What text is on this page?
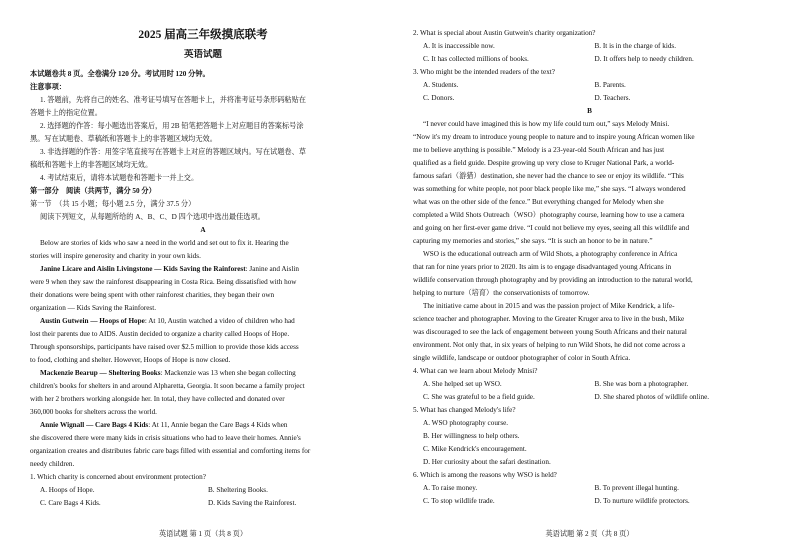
2025 届高三年级摸底联考
英语试题
本试题卷共 8 页。全卷满分 120 分。考试用时 120 分钟。
注意事项：
1. 答题前，先将自己的姓名、准考证号填写在答题卡上，并将准考证号条形码粘贴在
答题卡上的指定位置。
2. 选择题的作答：每小题选出答案后，用 2B 铅笔把答题卡上对应题目的答案标号涂
黑。写在试题卷、草稿纸和答题卡上的非答题区域均无效。
3. 非选择题的作答：用签字笔直接写在答题卡上对应的答题区域内。写在试题卷、草
稿纸和答题卡上的非答题区域均无效。
4. 考试结束后，请将本试题卷和答题卡一并上交。
第一部分　阅读（共两节，满分 50 分）
第一节　（共 15 小题；每小题 2.5 分，满分 37.5 分）
阅读下列短文，从每题所给的 A、B、C、D 四个选项中选出最佳选项。
A
Below are stories of kids who saw a need in the world and set out to fix it. Hearing the
stories will inspire generosity and charity in your own kids.
Janine Licare and Aislin Livingstone — Kids Saving the Rainforest: Janine and Aislin
were 9 when they saw the rainforest disappearing in Costa Rica. Being dissatisfied with how
their donations were being spent with other rainforest charities, they began their own
organization — Kids Saving the Rainforest.
Austin Gutwein — Hoops of Hope: At 10, Austin watched a video of children who had
lost their parents due to AIDS. Austin decided to organize a charity called Hoops of Hope.
Through sponsorships, participants have raised over $2.5 million to provide those kids access
to food, clothing and shelter. However, Hoops of Hope is now closed.
Mackenzie Bearup — Sheltering Books: Mackenzie was 13 when she began collecting
children's books for shelters in and around Alpharetta, Georgia. It soon became a family project
with her 2 brothers working alongside her. In total, they have collected and donated over
360,000 books for shelters across the world.
Annie Wignall — Care Bags 4 Kids: At 11, Annie began the Care Bags 4 Kids when
she discovered there were many kids in crisis situations who had to leave their homes. Annie's
organization creates and distributes fabric care bags filled with essential and comforting items for
needy children.
1. Which charity is concerned about environment protection?
A. Hoops of Hope.	B. Sheltering Books.
C. Care Bags 4 Kids.	D. Kids Saving the Rainforest.
英语试题 第 1 页（共 8 页）
2. What is special about Austin Gutwein's charity organization?
A. It is inaccessible now.	B. It is in the charge of kids.
C. It has collected millions of books.	D. It offers help to needy children.
3. Who might be the intended readers of the text?
A. Students.	B. Parents.
C. Donors.	D. Teachers.
B
“I never could have imagined this is how my life could turn out,” says Melody Mnisi.
“Now it's my dream to introduce young people to nature and to inspire young African women like
me to believe anything is possible.” Melody is a 23-year-old South African and has just
qualified as a field guide. Despite growing up very close to Kruger National Park, a world-
famous safari（游猎）destination, she never had the chance to see or enjoy its wildlife. “This
was something for white people, not poor black people like me,” she says. “I always wondered
what was on the other side of the fence.” But everything changed for Melody when she
completed a Wild Shots Outreach（WSO）photography course, learning how to use a camera
and going on her first-ever game drive. “I could not believe my eyes, seeing all this wildlife and
capturing my memories and stories,” she says. “It is such an honor to be in nature.”
WSO is the educational outreach arm of Wild Shots, a photography conference in Africa
that ran for nine years prior to 2020. Its aim is to engage disadvantaged young Africans in
wildlife conservation through photography and by providing an introduction to the natural world,
helping to nurture（培育）the conservationists of tomorrow.
The initiative came about in 2015 and was the passion project of Mike Kendrick, a life-
science teacher and photographer. Moving to the Greater Kruger area to live in the bush, Mike
was discouraged to see the lack of engagement between young South Africans and their natural
environment. Not only that, in six years of helping to run Wild Shots, he did not come across a
single wildlife, landscape or outdoor photographer of color in South Africa.
4. What can we learn about Melody Mnisi?
A. She helped set up WSO.	B. She was born a photographer.
C. She was grateful to be a field guide.	D. She shared photos of wildlife online.
5. What has changed Melody's life?
A. WSO photography course.
B. Her willingness to help others.
C. Mike Kendrick's encouragement.
D. Her curiosity about the safari destination.
6. Which is among the reasons why WSO is held?
A. To raise money.	B. To prevent illegal hunting.
C. To stop wildlife trade.	D. To nurture wildlife protectors.
英语试题 第 2 页（共 8 页）
